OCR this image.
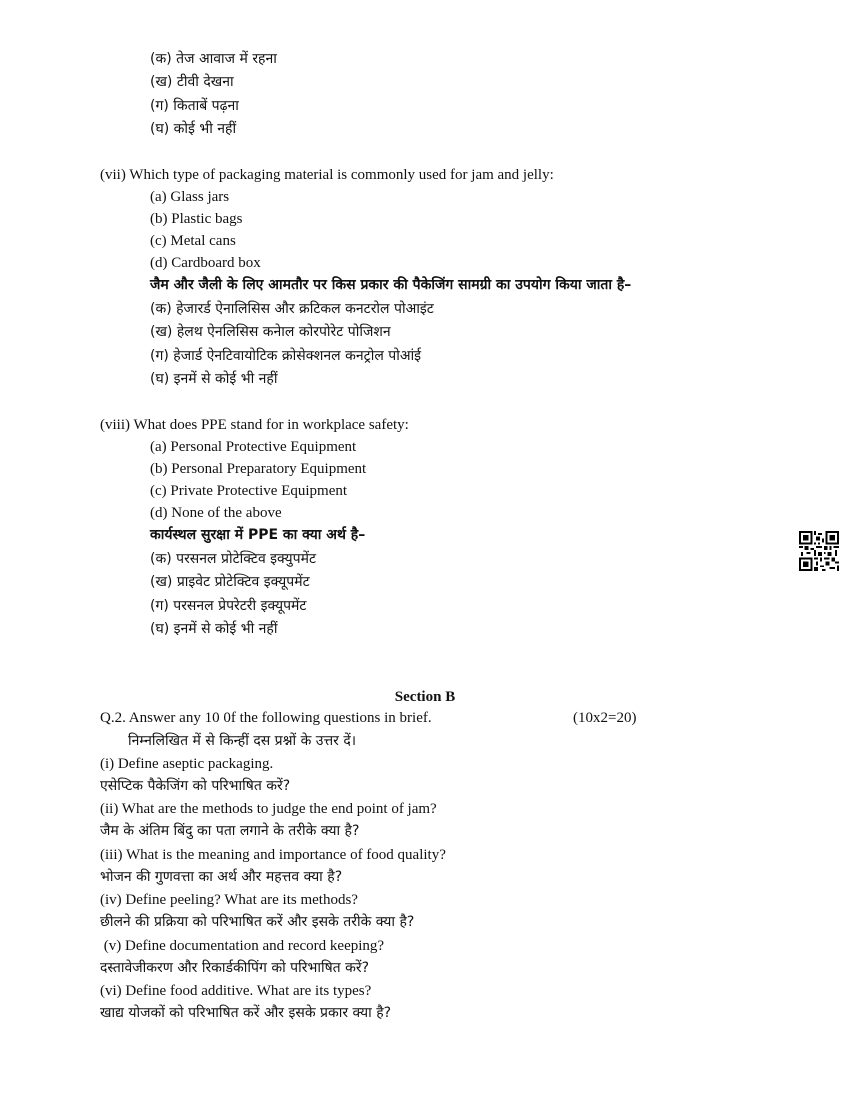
(क) तेज आवाज में रहना
(ख) टीवी देखना
(ग) किताबें पढ़ना
(घ) कोई भी नहीं
(vii) Which type of packaging material is commonly used for jam and jelly:
(a) Glass jars
(b) Plastic bags
(c) Metal cans
(d) Cardboard box
जैम और जैली के लिए आमतौर पर किस प्रकार की पैकेजिंग सामग्री का उपयोग किया जाता है–
(क) हेजारर्ड ऐनालिसिस और क्रटिकल कनटरोल पोआइंट
(ख) हेलथ ऐनलिसिस कनेाल कोरपोरेट पोजिशन
(ग) हेजार्ड ऐनटिवायोटिक क्रोसेक्शनल कनट्रोल पोआंई
(घ) इनमें से कोई भी नहीं
(viii) What does PPE stand for in workplace safety:
(a) Personal Protective Equipment
(b) Personal Preparatory Equipment
(c) Private Protective Equipment
(d) None of the above
कार्यस्थल सुरक्षा में PPE का क्या अर्थ है–
(क) परसनल प्रोटेक्टिव इक्युपमेंट
(ख) प्राइवेट प्रोटेक्टिव इक्यूपमेंट
(ग) परसनल प्रेपरेटरी इक्यूपमेंट
(घ) इनमें से कोई भी नहीं
Section B
Q.2. Answer any 10 0f the following questions in brief.	(10x2=20)
निम्नलिखित में से किन्हीं दस प्रश्नों के उत्तर दें।
(i) Define aseptic packaging.
एसेप्टिक पैकेजिंग को परिभाषित करें?
(ii) What are the methods to judge the end point of jam?
जैम के अंतिम बिंदु का पता लगाने के तरीके क्या है?
(iii) What is the meaning and importance of food quality?
भोजन की गुणवत्ता का अर्थ और महत्तव क्या है?
(iv) Define peeling? What are its methods?
छीलने की प्रक्रिया को परिभाषित करें और इसके तरीके क्या है?
(v) Define documentation and record keeping?
दस्तावेजीकरण और रिकार्डकीपिंग को परिभाषित करें?
(vi) Define food additive. What are its types?
खाद्य योजकों को परिभाषित करें और इसके प्रकार क्या है?
